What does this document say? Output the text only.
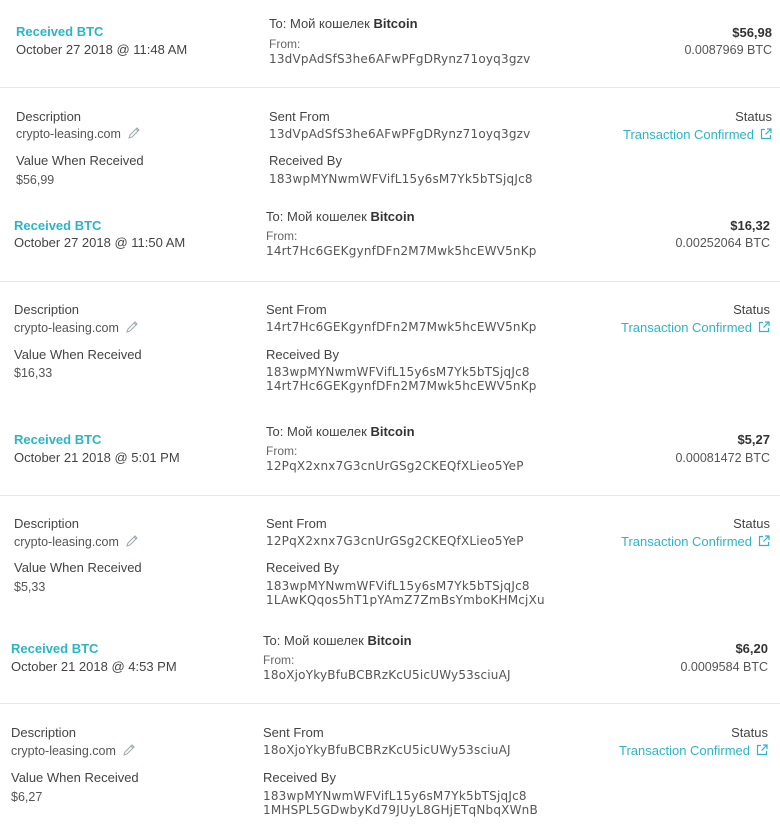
Received BTC
October 27 2018 @ 11:48 AM
To: Мой кошелек Bitcoin
From:
13dVpAdSfS3he6AFwPFgDRynz71oyq3gzv
$56,98
0.0087969 BTC
Description
crypto-leasing.com
Value When Received
$56,99
Sent From
13dVpAdSfS3he6AFwPFgDRynz71oyq3gzv
Received By
183wpMYNwmWFVifL15y6sM7Yk5bTSjqJc8
Status
Transaction Confirmed
Received BTC
October 27 2018 @ 11:50 AM
To: Мой кошелек Bitcoin
From:
14rt7Hc6GEKgynfDFn2M7Mwk5hcEWV5nKp
$16,32
0.00252064 BTC
Description
crypto-leasing.com
Value When Received
$16,33
Sent From
14rt7Hc6GEKgynfDFn2M7Mwk5hcEWV5nKp
Received By
183wpMYNwmWFVifL15y6sM7Yk5bTSjqJc8
14rt7Hc6GEKgynfDFn2M7Mwk5hcEWV5nKp
Status
Transaction Confirmed
Received BTC
October 21 2018 @ 5:01 PM
To: Мой кошелек Bitcoin
From:
12PqX2xnx7G3cnUrGSg2CKEQfXLieo5YeP
$5,27
0.00081472 BTC
Description
crypto-leasing.com
Value When Received
$5,33
Sent From
12PqX2xnx7G3cnUrGSg2CKEQfXLieo5YeP
Received By
183wpMYNwmWFVifL15y6sM7Yk5bTSjqJc8
1LAwKQqos5hT1pYAmZ7ZmBsYmboKHMcjXu
Status
Transaction Confirmed
Received BTC
October 21 2018 @ 4:53 PM
To: Мой кошелек Bitcoin
From:
18oXjoYkyBfuBCBRzKcU5icUWy53sciuAJ
$6,20
0.0009584 BTC
Description
crypto-leasing.com
Value When Received
$6,27
Sent From
18oXjoYkyBfuBCBRzKcU5icUWy53sciuAJ
Received By
183wpMYNwmWFVifL15y6sM7Yk5bTSjqJc8
1MHSPL5GDwbyKd79JUyL8GHjETqNbqXWnB
Status
Transaction Confirmed
